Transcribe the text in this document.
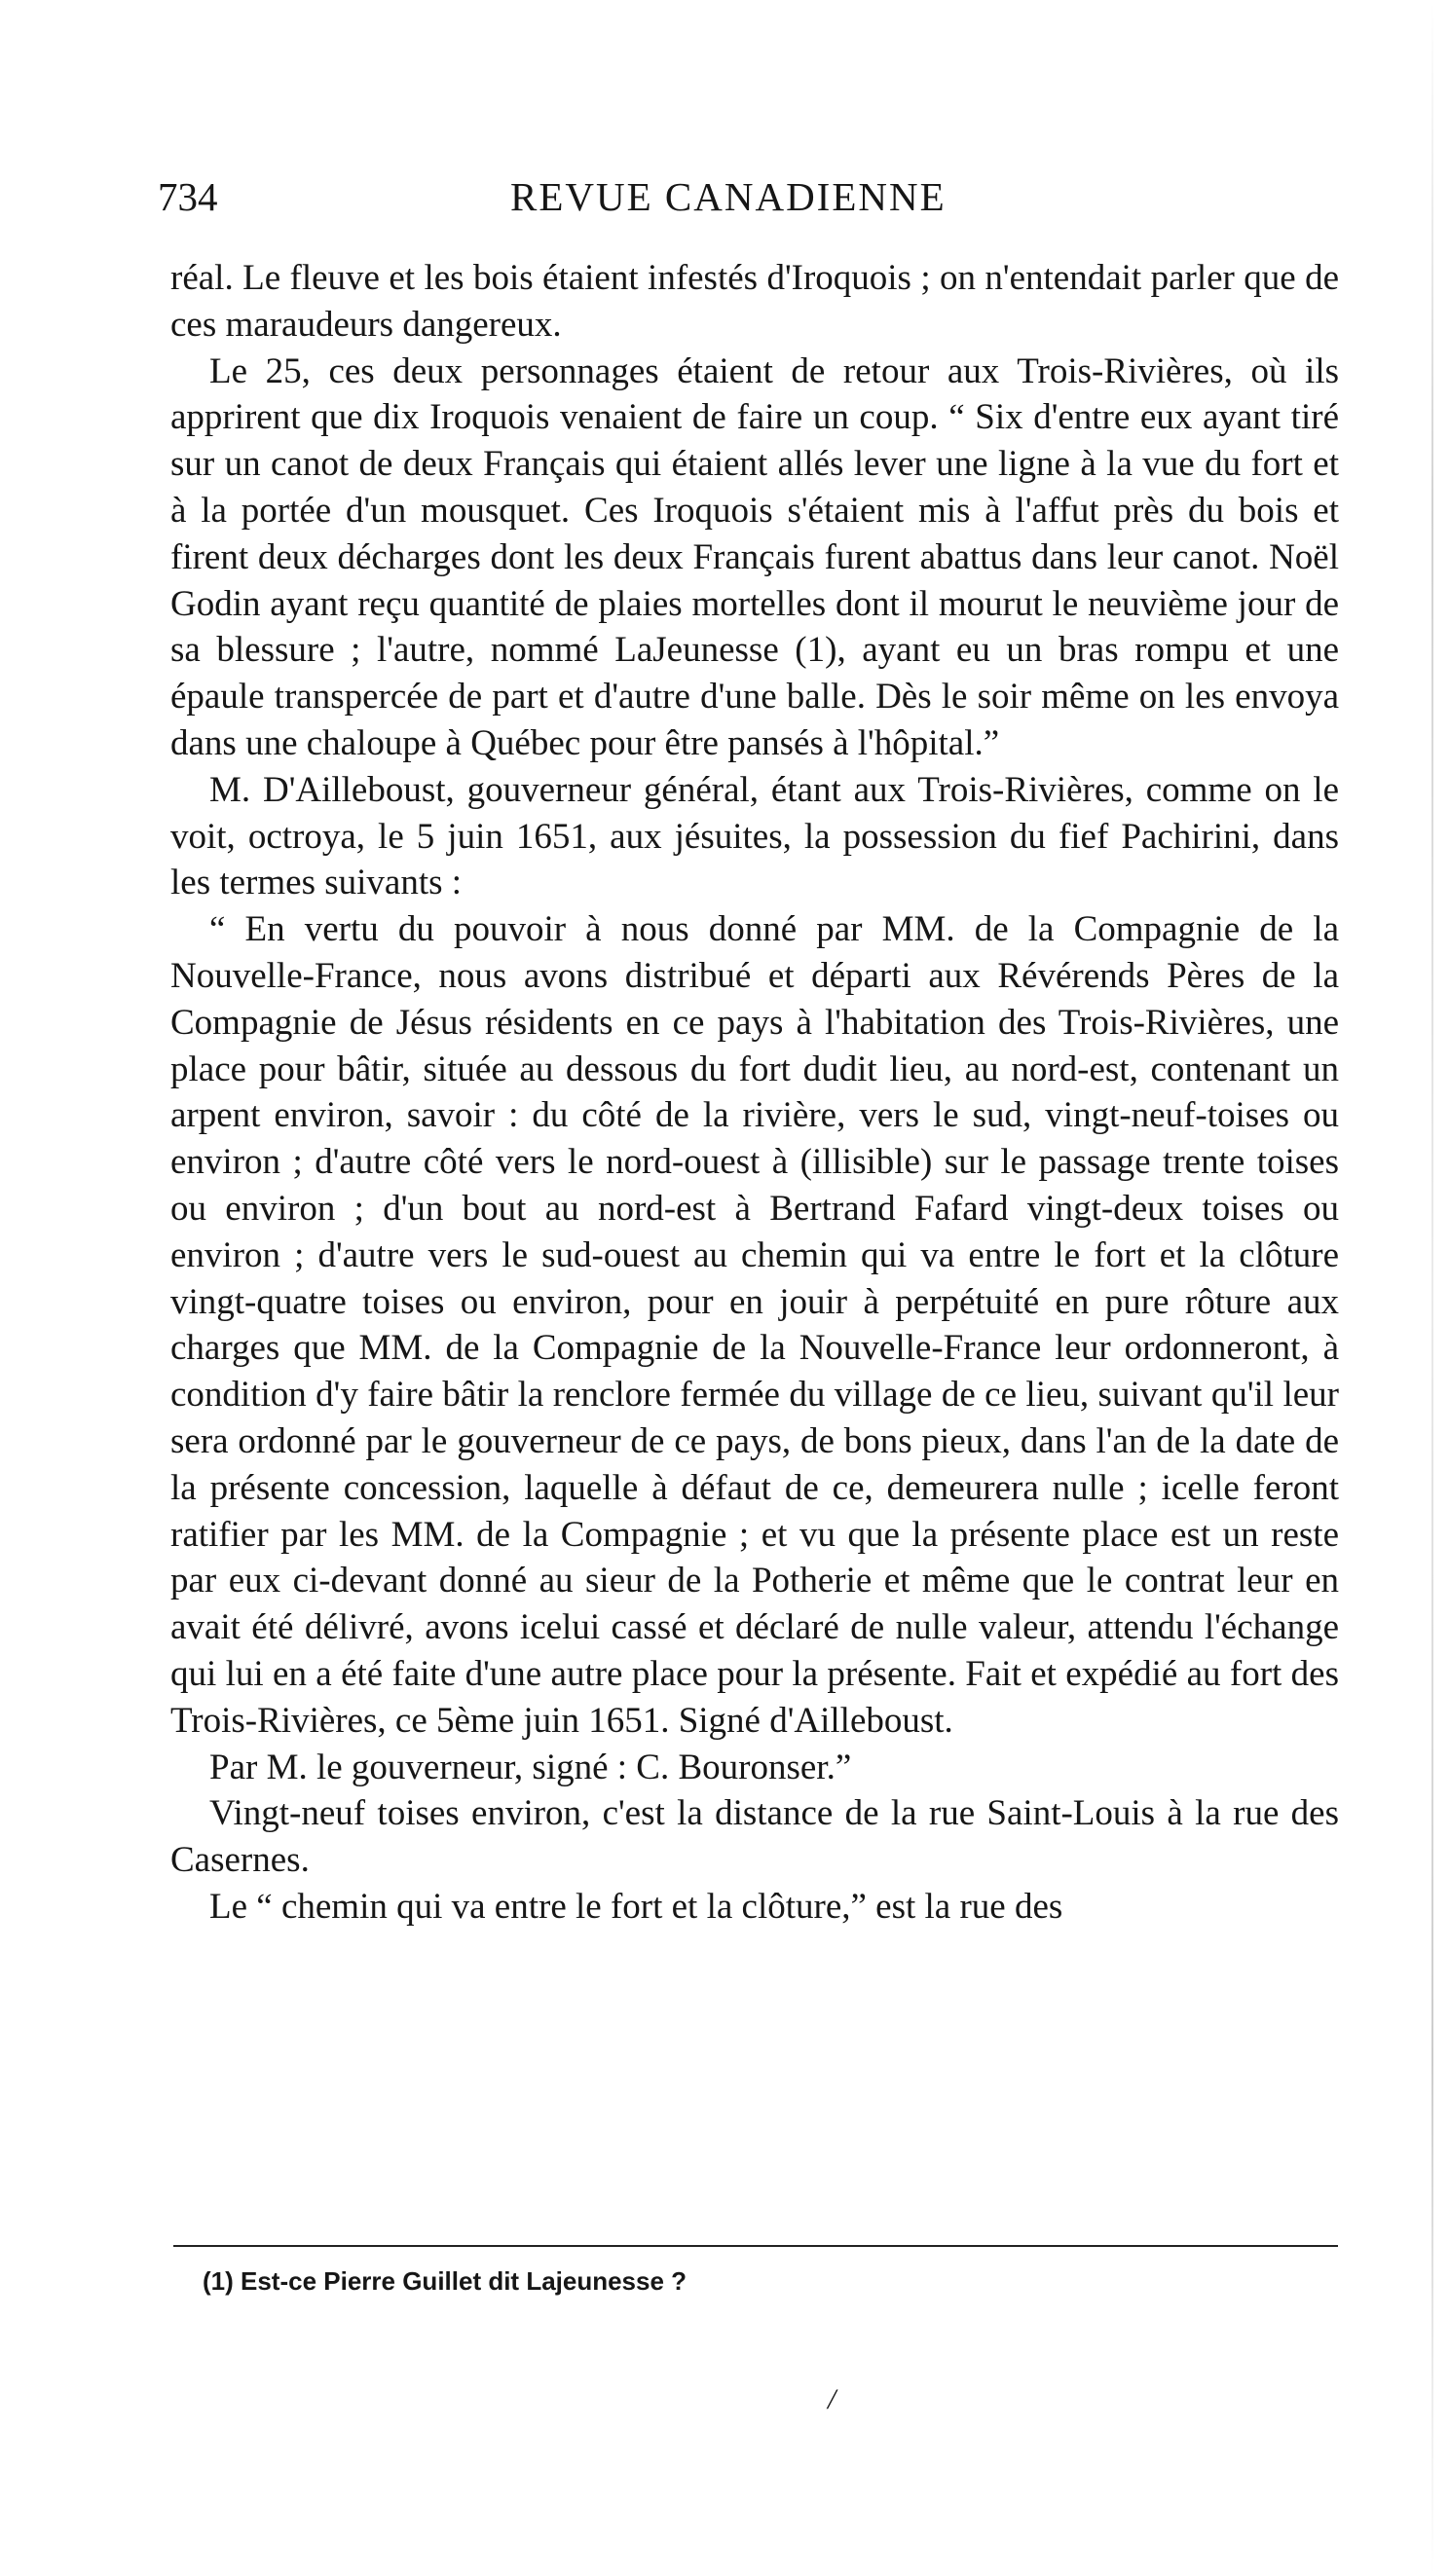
734	REVUE CANADIENNE

réal. Le fleuve et les bois étaient infestés d'Iroquois ; on n'entendait parler que de ces maraudeurs dangereux.

Le 25, ces deux personnages étaient de retour aux Trois-Rivières, où ils apprirent que dix Iroquois venaient de faire un coup. “ Six d'entre eux ayant tiré sur un canot de deux Français qui étaient allés lever une ligne à la vue du fort et à la portée d'un mousquet. Ces Iroquois s'étaient mis à l'affut près du bois et firent deux décharges dont les deux Français furent abattus dans leur canot. Noël Godin ayant reçu quantité de plaies mortelles dont il mourut le neuvième jour de sa blessure ; l'autre, nommé LaJeunesse (1), ayant eu un bras rompu et une épaule transpercée de part et d'autre d'une balle. Dès le soir même on les envoya dans une chaloupe à Québec pour être pansés à l'hôpital.”

M. D'Ailleboust, gouverneur général, étant aux Trois-Rivières, comme on le voit, octroya, le 5 juin 1651, aux jésuites, la possession du fief Pachirini, dans les termes suivants :

“ En vertu du pouvoir à nous donné par MM. de la Compagnie de la Nouvelle-France, nous avons distribué et départi aux Révérends Pères de la Compagnie de Jésus résidents en ce pays à l'habitation des Trois-Rivières, une place pour bâtir, située au dessous du fort dudit lieu, au nord-est, contenant un arpent environ, savoir : du côté de la rivière, vers le sud, vingt-neuf-toises ou environ ; d'autre côté vers le nord-ouest à (illisible) sur le passage trente toises ou environ ; d'un bout au nord-est à Bertrand Fafard vingt-deux toises ou environ ; d'autre vers le sud-ouest au chemin qui va entre le fort et la clôture vingt-quatre toises ou environ, pour en jouir à perpétuité en pure rôture aux charges que MM. de la Compagnie de la Nouvelle-France leur ordonneront, à condition d'y faire bâtir la renclore fermée du village de ce lieu, suivant qu'il leur sera ordonné par le gouverneur de ce pays, de bons pieux, dans l'an de la date de la présente concession, laquelle à défaut de ce, demeurera nulle ; icelle feront ratifier par les MM. de la Compagnie ; et vu que la présente place est un reste par eux ci-devant donné au sieur de la Potherie et même que le contrat leur en avait été délivré, avons icelui cassé et déclaré de nulle valeur, attendu l'échange qui lui en a été faite d'une autre place pour la présente. Fait et expédié au fort des Trois-Rivières, ce 5ème juin 1651. Signé d'Ailleboust.

Par M. le gouverneur, signé : C. Bouronser.”

Vingt-neuf toises environ, c'est la distance de la rue Saint-Louis à la rue des Casernes.

Le “ chemin qui va entre le fort et la clôture,” est la rue des

(1) Est-ce Pierre Guillet dit Lajeunesse ?
/
